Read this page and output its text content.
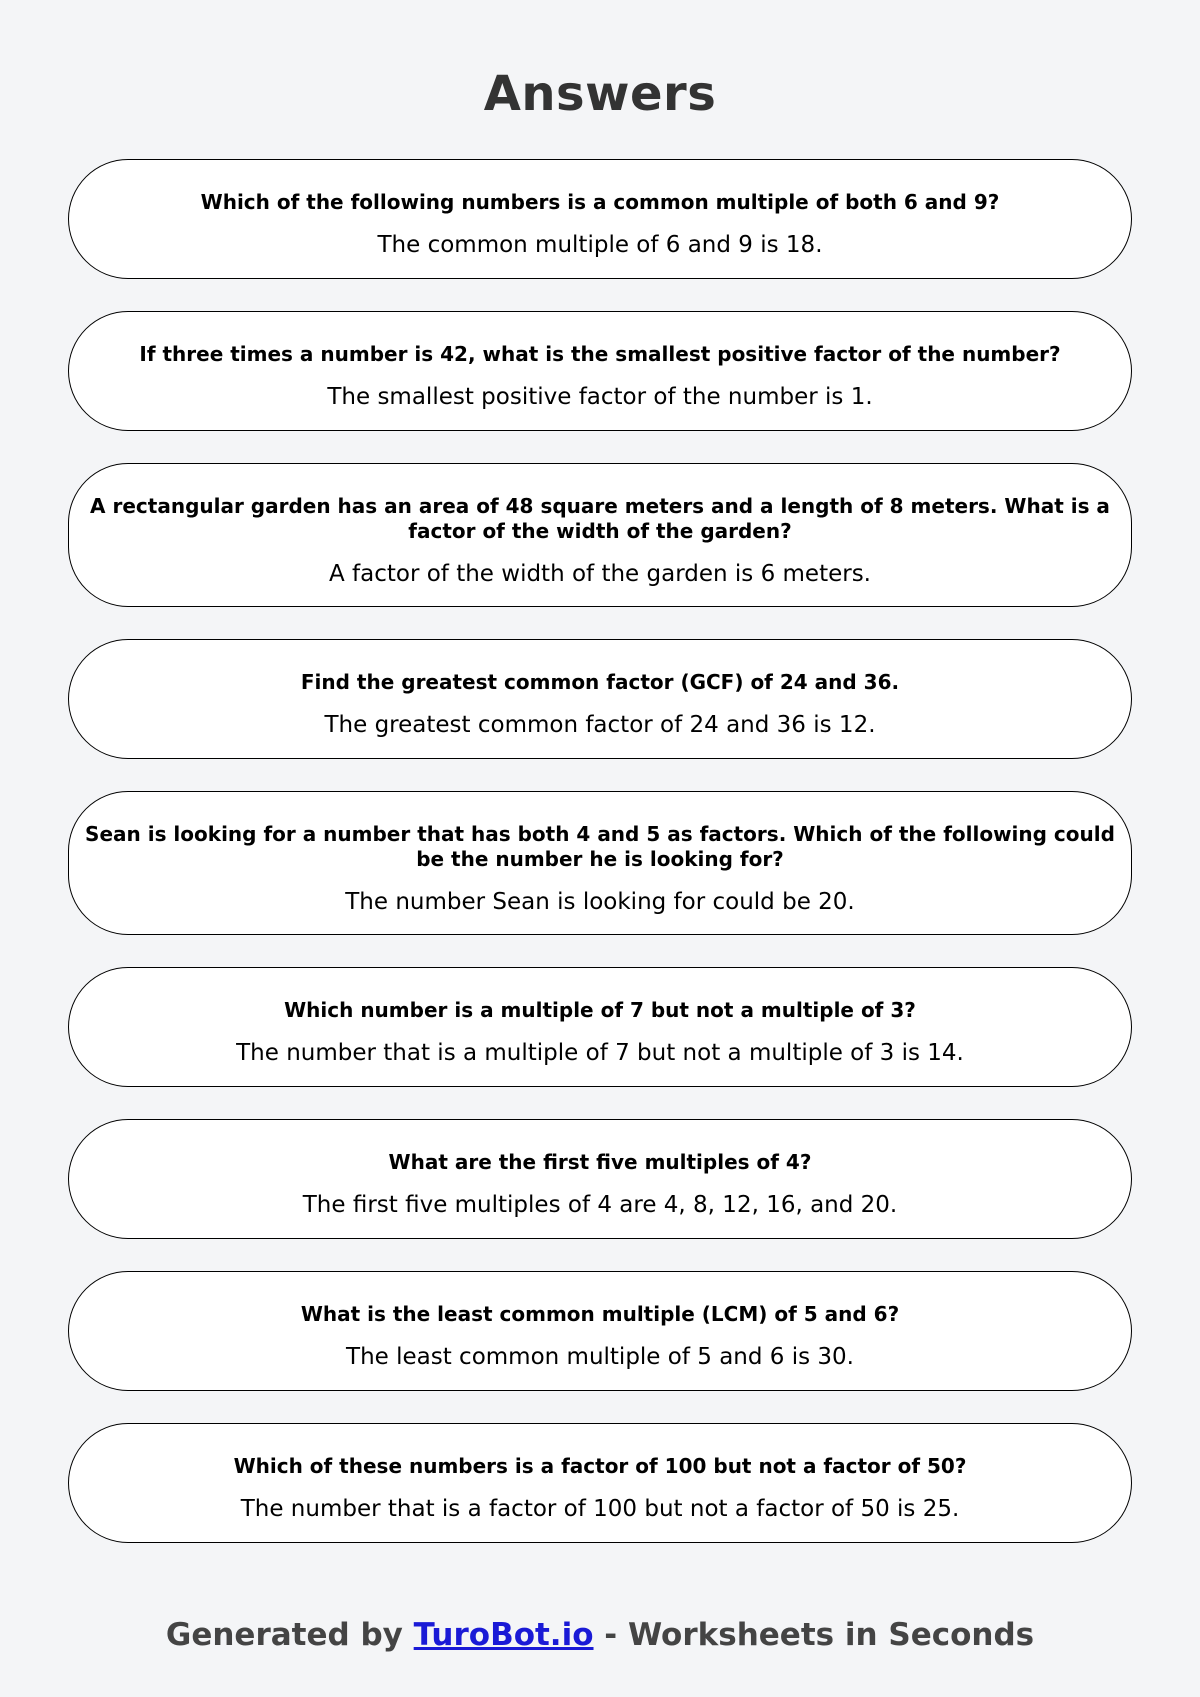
Answers

Which of the following numbers is a common multiple of both 6 and 9?

The common multiple of 6 and 9 is 18.

If three times a number is 42, what is the smallest positive factor of the number?

The smallest positive factor of the number is 1.

A rectangular garden has an area of 48 square meters and a length of 8 meters. What is a factor of the width of the garden?

A factor of the width of the garden is 6 meters.

Find the greatest common factor (GCF) of 24 and 36.

The greatest common factor of 24 and 36 is 12.

Sean is looking for a number that has both 4 and 5 as factors. Which of the following could be the number he is looking for?

The number Sean is looking for could be 20.

Which number is a multiple of 7 but not a multiple of 3?

The number that is a multiple of 7 but not a multiple of 3 is 14.

What are the first five multiples of 4?

The first five multiples of 4 are 4, 8, 12, 16, and 20.

What is the least common multiple (LCM) of 5 and 6?

The least common multiple of 5 and 6 is 30.

Which of these numbers is a factor of 100 but not a factor of 50?

The number that is a factor of 100 but not a factor of 50 is 25.

Generated by TuroBot.io - Worksheets in Seconds
